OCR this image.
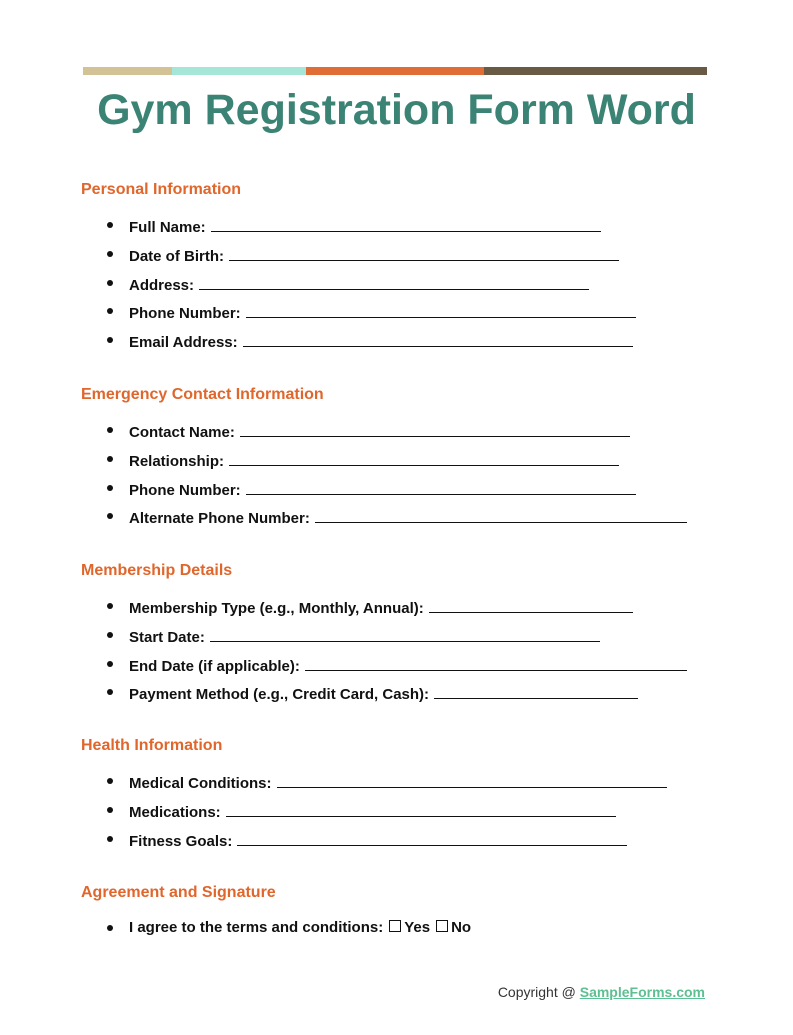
Gym Registration Form Word
Personal Information
Full Name:
Date of Birth:
Address:
Phone Number:
Email Address:
Emergency Contact Information
Contact Name:
Relationship:
Phone Number:
Alternate Phone Number:
Membership Details
Membership Type (e.g., Monthly, Annual):
Start Date:
End Date (if applicable):
Payment Method (e.g., Credit Card, Cash):
Health Information
Medical Conditions:
Medications:
Fitness Goals:
Agreement and Signature
I agree to the terms and conditions: Yes No
Copyright @ SampleForms.com
